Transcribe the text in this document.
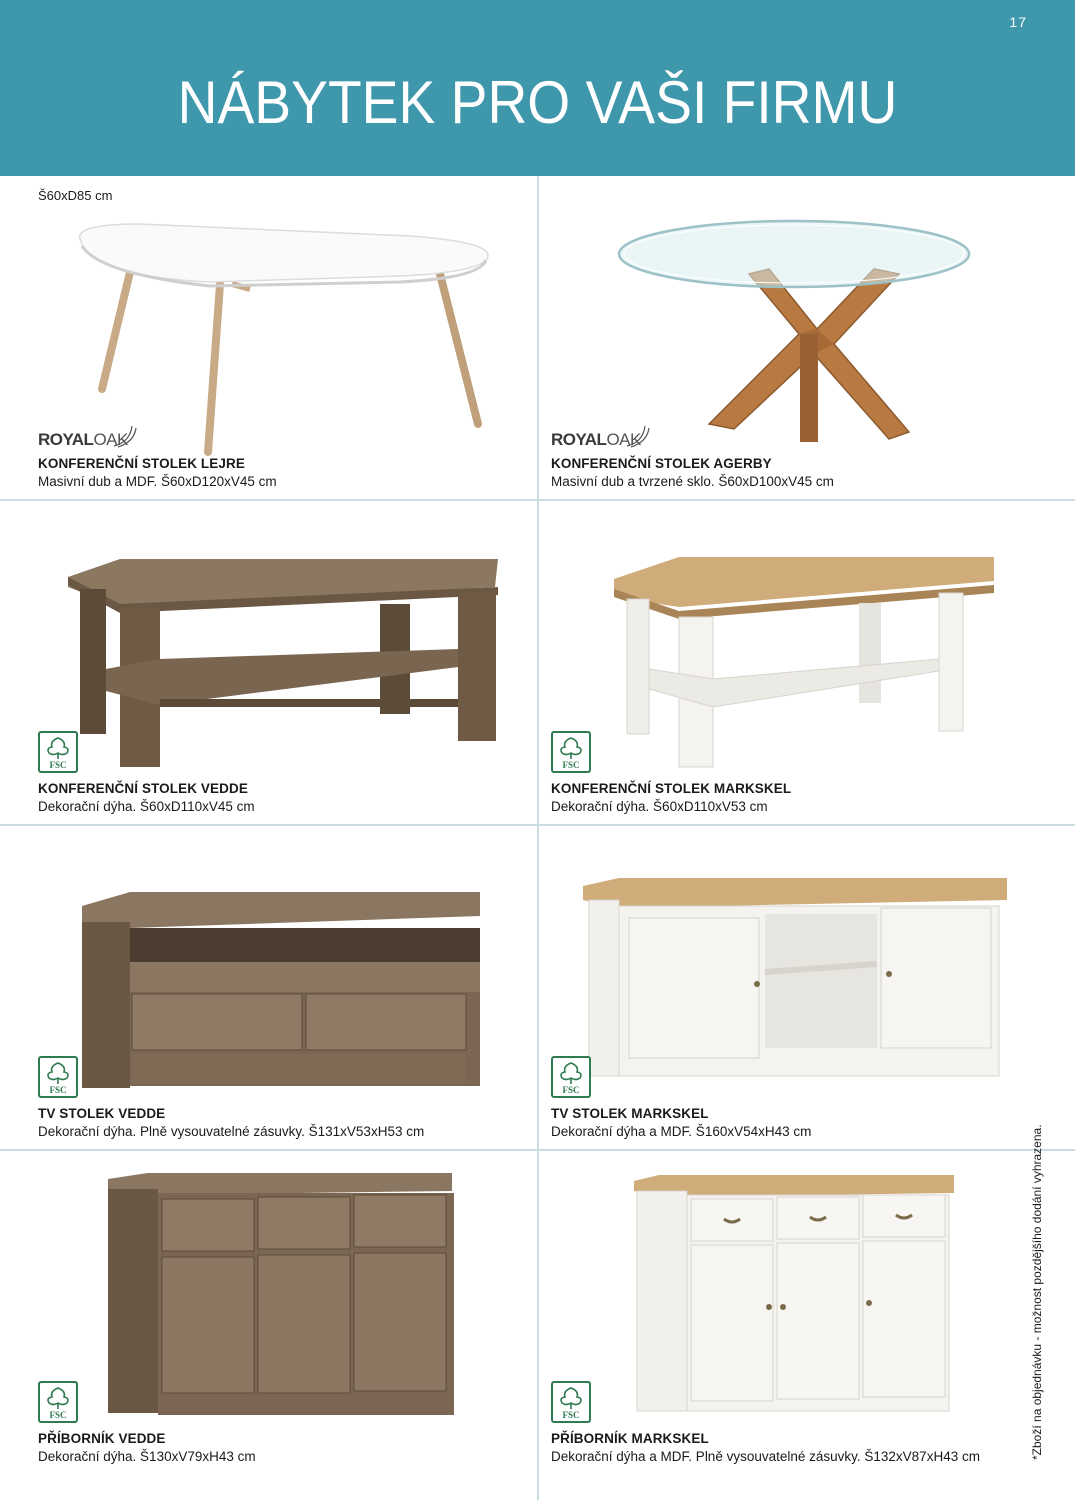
17
NÁBYTEK PRO VAŠI FIRMU
Š60xD85 cm
ROYALOAK
KONFERENČNÍ STOLEK LEJRE
Masivní dub a MDF. Š60xD120xV45 cm
ROYALOAK
KONFERENČNÍ STOLEK AGERBY
Masivní dub a tvrzené sklo. Š60xD100xV45 cm
FSC
KONFERENČNÍ STOLEK VEDDE
Dekorační dýha. Š60xD110xV45 cm
FSC
KONFERENČNÍ STOLEK MARKSKEL
Dekorační dýha. Š60xD110xV53 cm
FSC
TV STOLEK VEDDE
Dekorační dýha. Plně vysouvatelné zásuvky. Š131xV53xH53 cm
FSC
TV STOLEK MARKSKEL
Dekorační dýha a MDF. Š160xV54xH43 cm
FSC
PŘÍBORNÍK VEDDE
Dekorační dýha. Š130xV79xH43 cm
FSC
PŘÍBORNÍK MARKSKEL
Dekorační dýha a MDF. Plně vysouvatelné zásuvky. Š132xV87xH43 cm	*Zboží na objednávku - možnost pozdějšího dodání vyhrazena.
